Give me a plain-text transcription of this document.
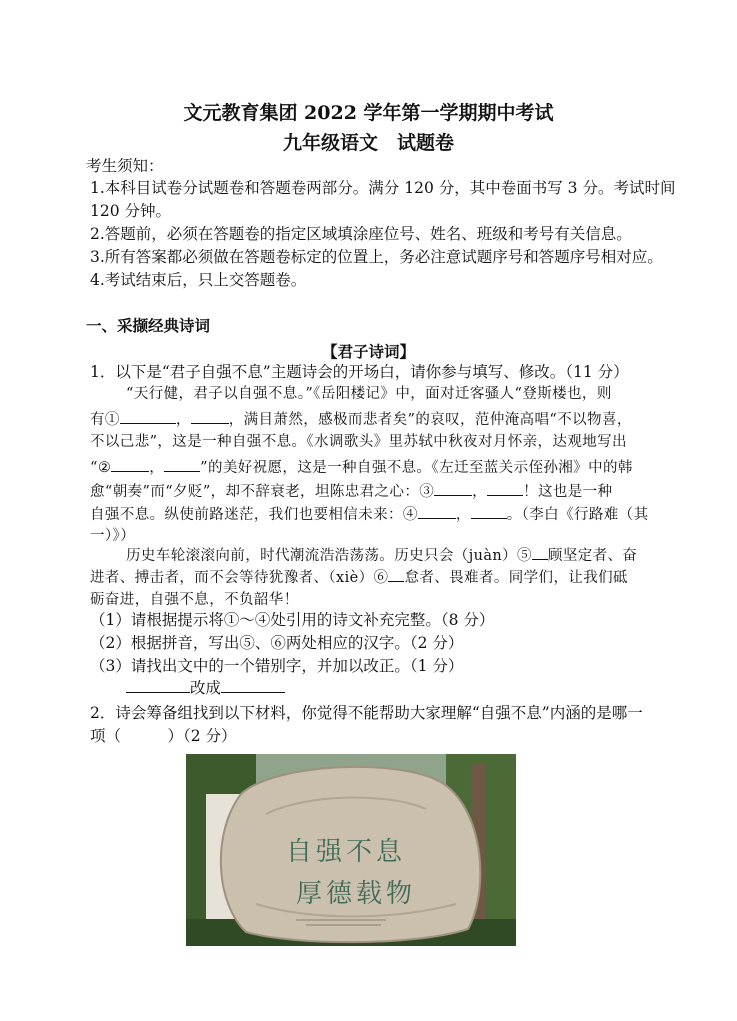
文元教育集团 2022 学年第一学期期中考试
九年级语文　试题卷
考生须知：
1.本科目试卷分试题卷和答题卷两部分。满分 120 分，其中卷面书写 3 分。考试时间
120 分钟。
2.答题前，必须在答题卷的指定区域填涂座位号、姓名、班级和考号有关信息。
3.所有答案都必须做在答题卷标定的位置上，务必注意试题序号和答题序号相对应。
4.考试结束后，只上交答题卷。
一、采撷经典诗词
【君子诗词】
1．以下是“君子自强不息”主题诗会的开场白，请你参与填写、修改。（11 分）
“天行健，君子以自强不息。”《岳阳楼记》中，面对迁客骚人“登斯楼也，则
有①	，	，满目萧然，感极而悲者矣”的哀叹，范仲淹高唱“不以物喜，
不以己悲”，这是一种自强不息。《水调歌头》里苏轼中秋夜对月怀亲，达观地写出
“②	， ”的美好祝愿，这是一种自强不息。《左迁至蓝关示侄孙湘》中的韩
愈“朝奏”而“夕贬”，却不辞衰老，坦陈忠君之心：③	， ！这也是一种
自强不息。纵使前路迷茫，我们也要相信未来：④	， 。（李白《行路难（其
一）》）
历史车轮滚滚向前，时代潮流浩浩荡荡。历史只会（juàn）⑤ 顾坚定者、奋
进者、搏击者，而不会等待犹豫者、（xiè）⑥ 怠者、畏难者。同学们，让我们砥
砺奋进，自强不息，不负韶华！
（1）请根据提示将①～④处引用的诗文补充完整。（8 分）
（2）根据拼音，写出⑤、⑥两处相应的汉字。（2 分）
（3）请找出文中的一个错别字，并加以改正。（1 分）
改成
2．诗会筹备组找到以下材料，你觉得不能帮助大家理解“自强不息”内涵的是哪一
项（　　　）（2 分）
自强不息
厚德载物
